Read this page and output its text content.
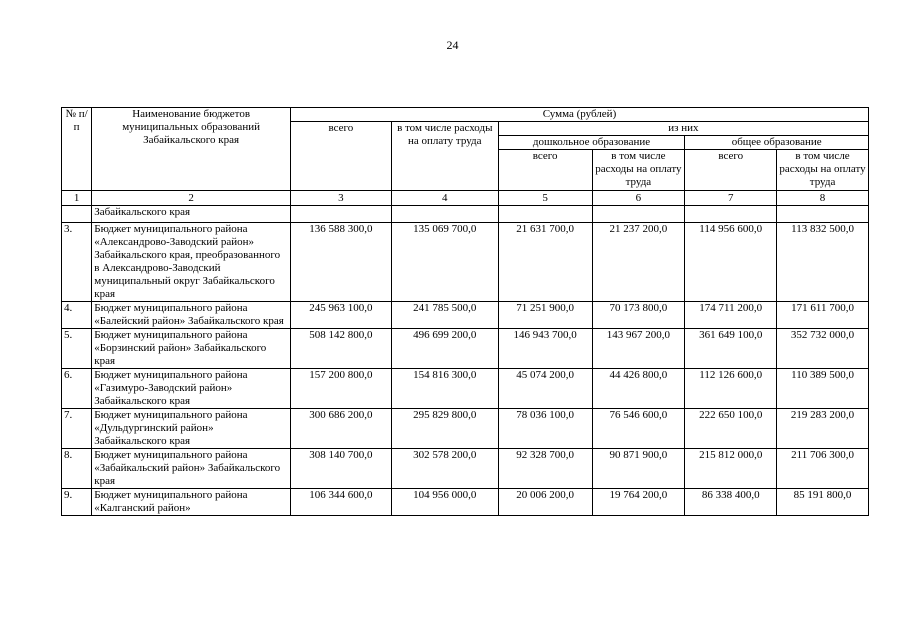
24
№ п/п	Наименование бюджетов муниципальных образований Забайкальского края	Сумма (рублей)					
		всего	в том числе расходы на оплату труда	из них			
				дошкольное образование		общее образование	
				всего	в том числе расходы на оплату труда	всего	в том числе расходы на оплату труда
1	2	3	4	5	6	7	8
	Забайкальского края						
3.	Бюджет муниципального района «Александрово-Заводский район» Забайкальского края, преобразованного в Александрово-Заводский муниципальный округ Забайкальского края	136 588 300,0	135 069 700,0	21 631 700,0	21 237 200,0	114 956 600,0	113 832 500,0
4.	Бюджет муниципального района «Балейский район» Забайкальского края	245 963 100,0	241 785 500,0	71 251 900,0	70 173 800,0	174 711 200,0	171 611 700,0
5.	Бюджет муниципального района «Борзинский район» Забайкальского края	508 142 800,0	496 699 200,0	146 943 700,0	143 967 200,0	361 649 100,0	352 732 000,0
6.	Бюджет муниципального района «Газимуро-Заводский район» Забайкальского края	157 200 800,0	154 816 300,0	45 074 200,0	44 426 800,0	112 126 600,0	110 389 500,0
7.	Бюджет муниципального района «Дульдургинский район» Забайкальского края	300 686 200,0	295 829 800,0	78 036 100,0	76 546 600,0	222 650 100,0	219 283 200,0
8.	Бюджет муниципального района «Забайкальский район» Забайкальского края	308 140 700,0	302 578 200,0	92 328 700,0	90 871 900,0	215 812 000,0	211 706 300,0
9.	Бюджет муниципального района «Калганский район»	106 344 600,0	104 956 000,0	20 006 200,0	19 764 200,0	86 338 400,0	85 191 800,0
